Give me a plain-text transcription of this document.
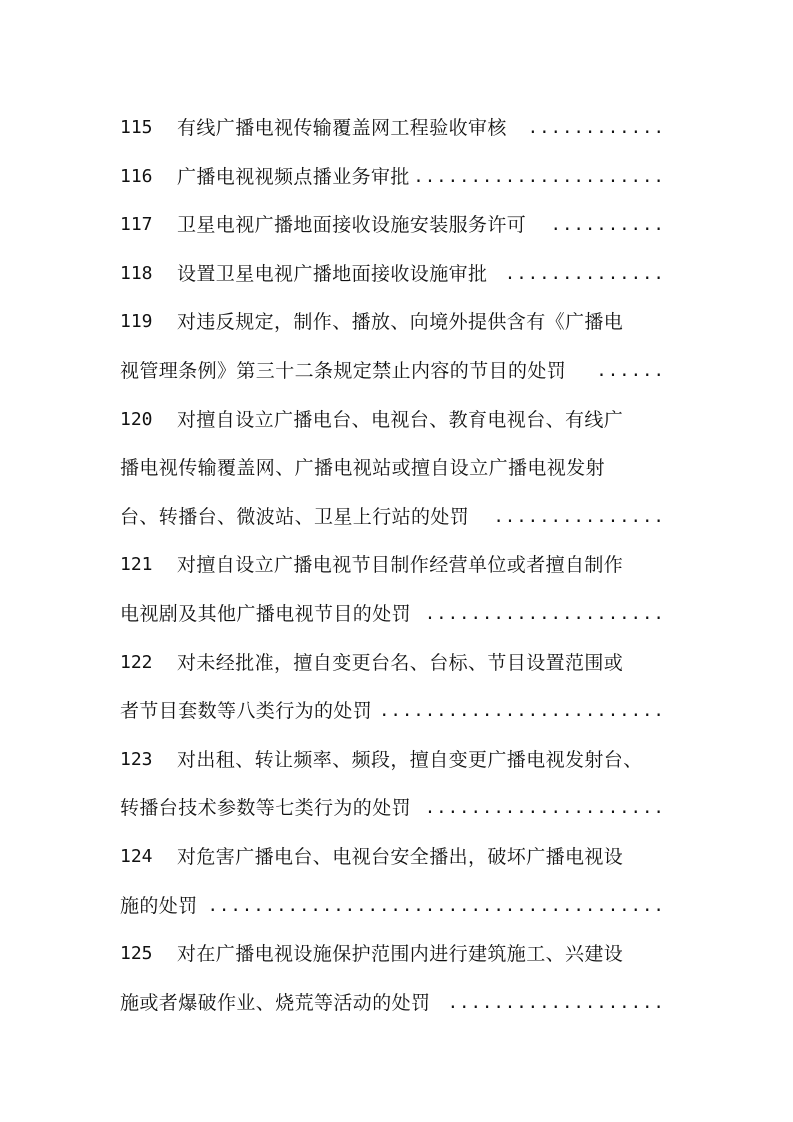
115	有线广播电视传输覆盖网工程验收审核	............
116	广播电视视频点播业务审批 ......................
117	卫星电视广播地面接收设施安装服务许可	..........
118	设置卫星电视广播地面接收设施审批	..............
119	对违反规定，制作、播放、向境外提供含有《广播电
视管理条例》第三十二条规定禁止内容的节目的处罚	......
120	对擅自设立广播电台、电视台、教育电视台、有线广
播电视传输覆盖网、广播电视站或擅自设立广播电视发射
台、转播台、微波站、卫星上行站的处罚	...............
121	对擅自设立广播电视节目制作经营单位或者擅自制作
电视剧及其他广播电视节目的处罚 .....................
122	对未经批准，擅自变更台名、台标、节目设置范围或
者节目套数等八类行为的处罚 .........................
123	对出租、转让频率、频段，擅自变更广播电视发射台、
转播台技术参数等七类行为的处罚 .....................
124	对危害广播电台、电视台安全播出，破坏广播电视设
施的处罚 ........................................
125	对在广播电视设施保护范围内进行建筑施工、兴建设
施或者爆破作业、烧荒等活动的处罚	...................
